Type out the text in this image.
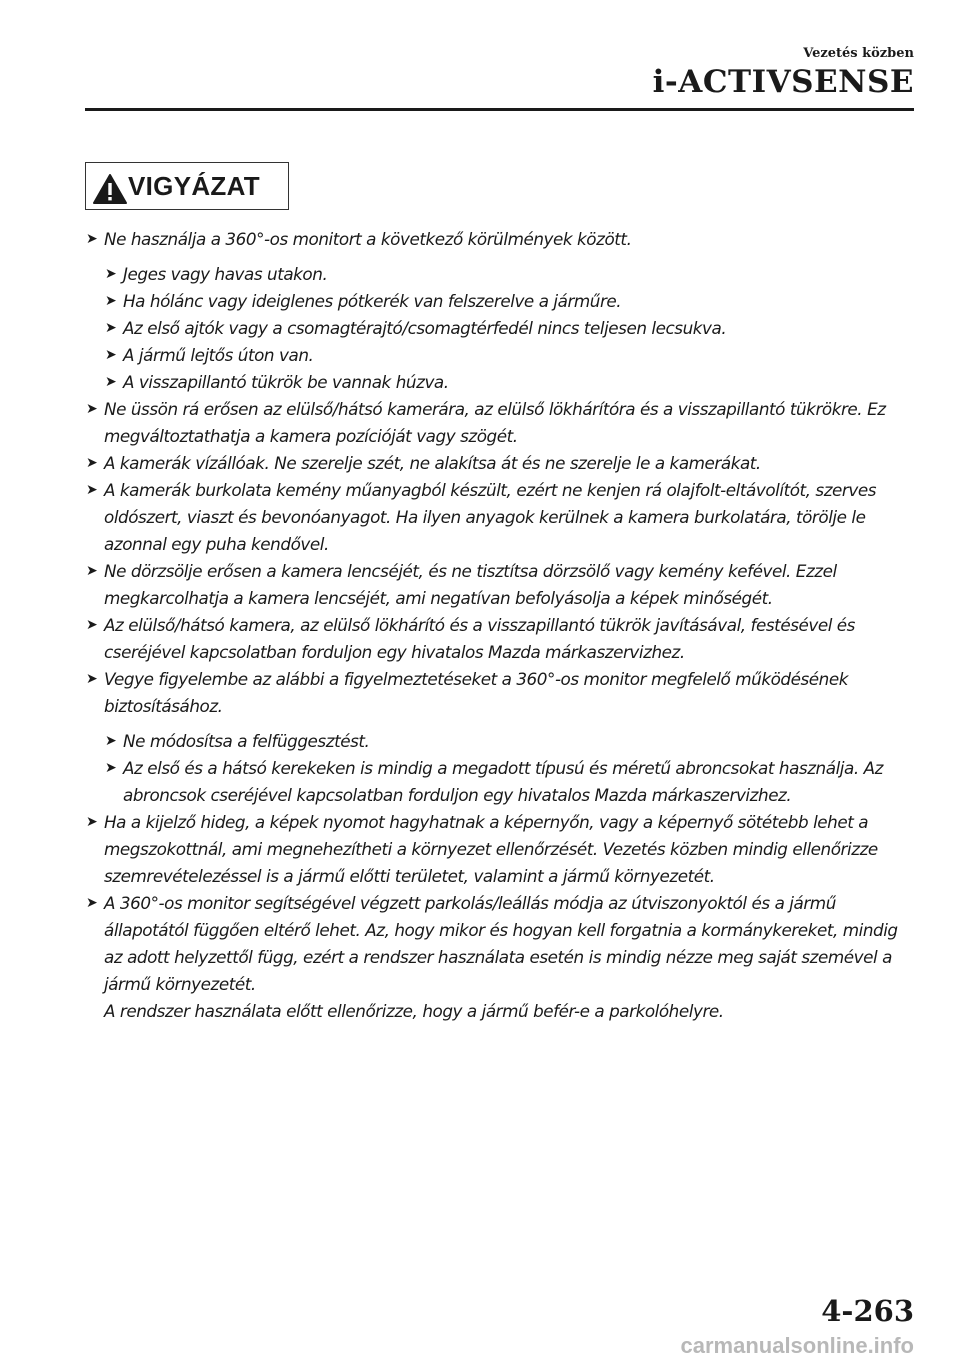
Vezetés közben
i-ACTIVSENSE
VIGYÁZAT
➤ Ne használja a 360°-os monitort a következő körülmények között.
➤ Jeges vagy havas utakon.
➤ Ha hólánc vagy ideiglenes pótkerék van felszerelve a járműre.
➤ Az első ajtók vagy a csomagtérajtó/csomagtérfedél nincs teljesen lecsukva.
➤ A jármű lejtős úton van.
➤ A visszapillantó tükrök be vannak húzva.
➤ Ne üssön rá erősen az elülső/hátsó kamerára, az elülső lökhárítóra és a visszapillantó tükrökre. Ez megváltoztathatja a kamera pozícióját vagy szögét.
➤ A kamerák vízállóak. Ne szerelje szét, ne alakítsa át és ne szerelje le a kamerákat.
➤ A kamerák burkolata kemény műanyagból készült, ezért ne kenjen rá olajfolt-eltávolítót, szerves oldószert, viaszt és bevonóanyagot. Ha ilyen anyagok kerülnek a kamera burkolatára, törölje le azonnal egy puha kendővel.
➤ Ne dörzsölje erősen a kamera lencséjét, és ne tisztítsa dörzsölő vagy kemény kefével. Ezzel megkarcolhatja a kamera lencséjét, ami negatívan befolyásolja a képek minőségét.
➤ Az elülső/hátsó kamera, az elülső lökhárító és a visszapillantó tükrök javításával, festésével és cseréjével kapcsolatban forduljon egy hivatalos Mazda márkaszervizhez.
➤ Vegye figyelembe az alábbi a figyelmeztetéseket a 360°-os monitor megfelelő működésének biztosításához.
➤ Ne módosítsa a felfüggesztést.
➤ Az első és a hátsó kerekeken is mindig a megadott típusú és méretű abroncsokat használja. Az abroncsok cseréjével kapcsolatban forduljon egy hivatalos Mazda márkaszervizhez.
➤ Ha a kijelző hideg, a képek nyomot hagyhatnak a képernyőn, vagy a képernyő sötétebb lehet a megszokottnál, ami megnehezítheti a környezet ellenőrzését. Vezetés közben mindig ellenőrizze szemrevételezéssel is a jármű előtti területet, valamint a jármű környezetét.
➤ A 360°-os monitor segítségével végzett parkolás/leállás módja az útviszonyoktól és a jármű állapotától függően eltérő lehet. Az, hogy mikor és hogyan kell forgatnia a kormánykereket, mindig az adott helyzettől függ, ezért a rendszer használata esetén is mindig nézze meg saját szemével a jármű környezetét.
A rendszer használata előtt ellenőrizze, hogy a jármű befér-e a parkolóhelyre.
4-263
carmanualsonline.info
